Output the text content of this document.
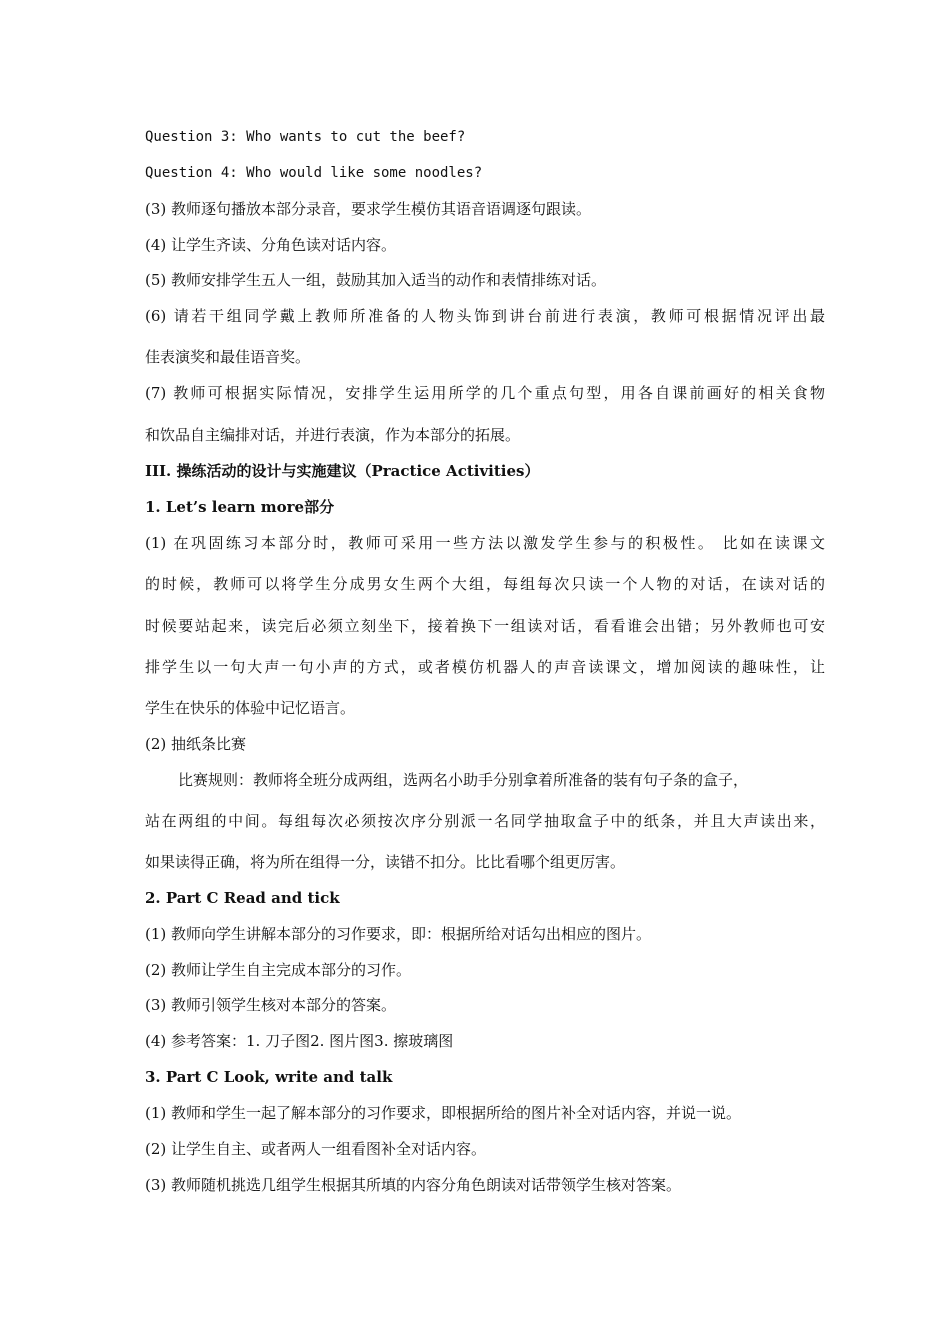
Question 3: Who wants to cut the beef?
Question 4: Who would like some noodles?
(3) 教师逐句播放本部分录音，要求学生模仿其语音语调逐句跟读。
(4) 让学生齐读、分角色读对话内容。
(5) 教师安排学生五人一组，鼓励其加入适当的动作和表情排练对话。
(6) 请若干组同学戴上教师所准备的人物头饰到讲台前进行表演，教师可根据情况评出最
佳表演奖和最佳语音奖。
(7) 教师可根据实际情况，安排学生运用所学的几个重点句型，用各自课前画好的相关食物
和饮品自主编排对话，并进行表演，作为本部分的拓展。
III. 操练活动的设计与实施建议（Practice Activities）
1. Let’s learn more部分
(1) 在巩固练习本部分时，教师可采用一些方法以激发学生参与的积极性。 比如在读课文
的时候，教师可以将学生分成男女生两个大组，每组每次只读一个人物的对话，在读对话的
时候要站起来，读完后必须立刻坐下，接着换下一组读对话，看看谁会出错；另外教师也可安
排学生以一句大声一句小声的方式，或者模仿机器人的声音读课文，增加阅读的趣味性，让
学生在快乐的体验中记忆语言。
(2) 抽纸条比赛
比赛规则：教师将全班分成两组，选两名小助手分别拿着所准备的装有句子条的盒子，
站在两组的中间。每组每次必须按次序分别派一名同学抽取盒子中的纸条，并且大声读出来，
如果读得正确，将为所在组得一分，读错不扣分。比比看哪个组更厉害。
2. Part C Read and tick
(1) 教师向学生讲解本部分的习作要求，即：根据所给对话勾出相应的图片。
(2) 教师让学生自主完成本部分的习作。
(3) 教师引领学生核对本部分的答案。
(4) 参考答案：1. 刀子图2. 图片图3. 擦玻璃图
3. Part C Look, write and talk
(1) 教师和学生一起了解本部分的习作要求，即根据所给的图片补全对话内容，并说一说。
(2) 让学生自主、或者两人一组看图补全对话内容。
(3) 教师随机挑选几组学生根据其所填的内容分角色朗读对话带领学生核对答案。
